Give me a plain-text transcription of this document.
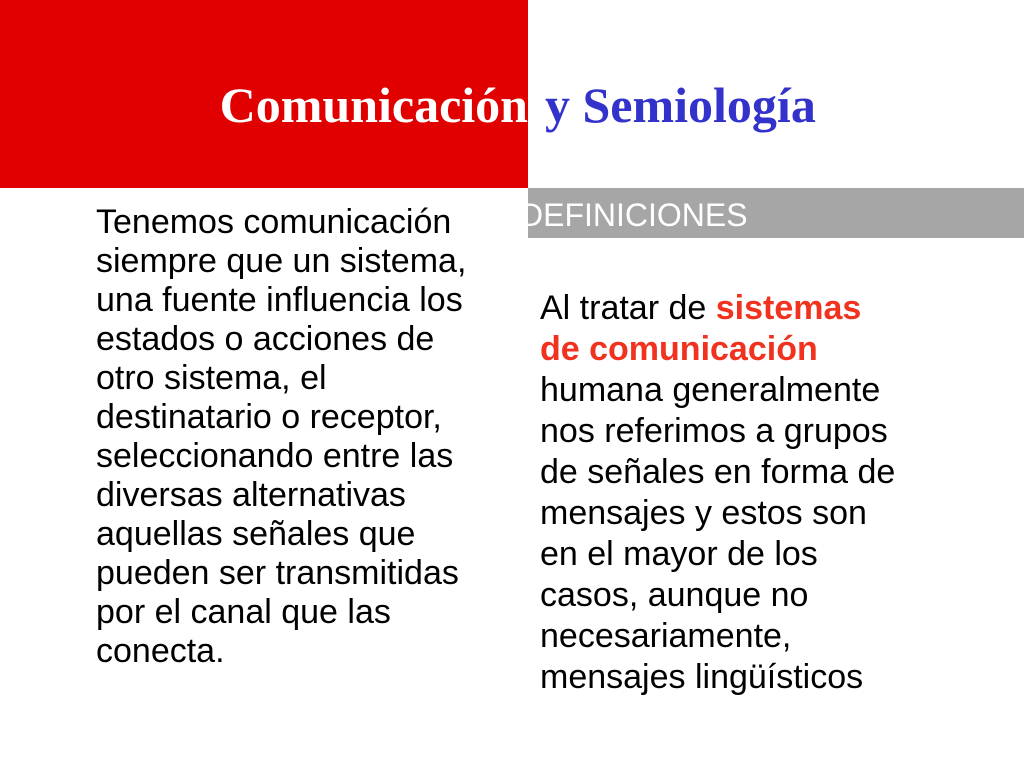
DEFINICIONES
Comunicación y Semiología
Tenemos comunicación
siempre que un sistema,
una fuente influencia los
estados o acciones de
otro sistema, el
destinatario o receptor,
seleccionando entre las
diversas alternativas
aquellas señales que
pueden ser transmitidas
por el canal que las
conecta.
Al tratar de sistemas
de comunicación
humana generalmente
nos referimos a grupos
de señales en forma de
mensajes y estos son
en el mayor de los
casos, aunque no
necesariamente,
mensajes lingüísticos
